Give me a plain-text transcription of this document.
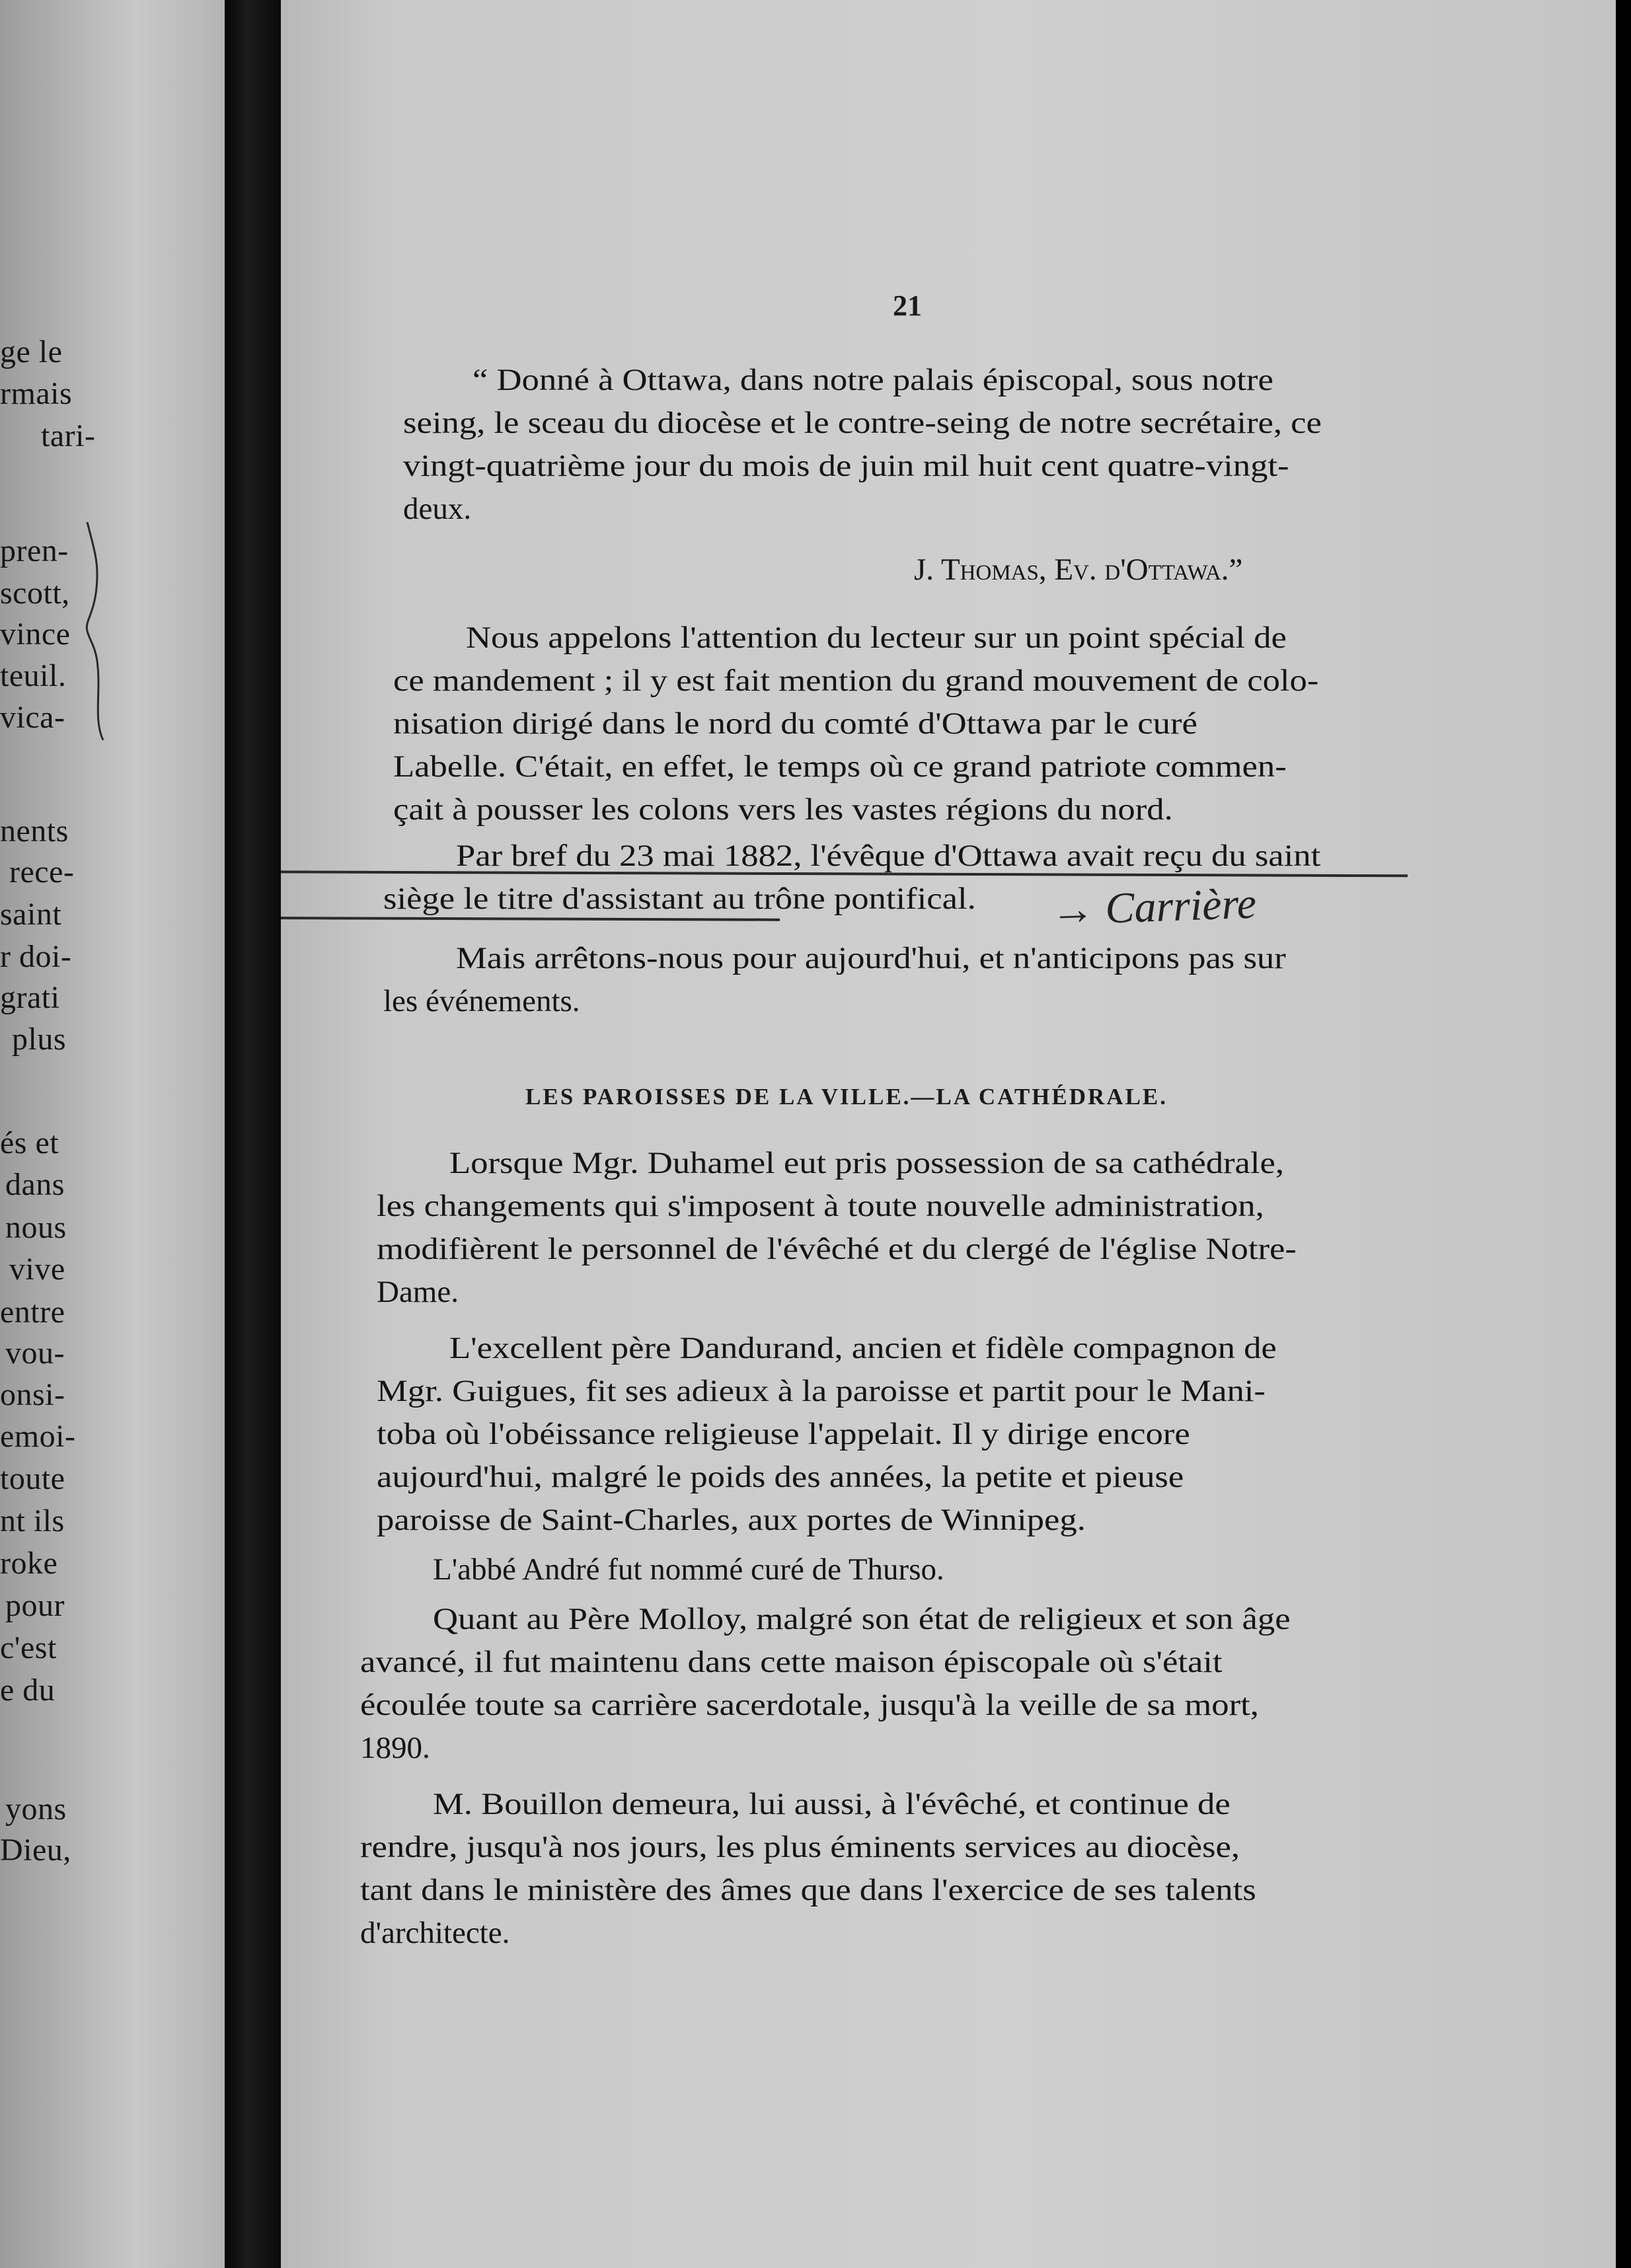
ge le
rmais
tari-
pren-
scott,
vince
teuil.
vica-
nents
rece-
saint
r doi-
grati
plus
és et
dans
nous
vive
entre
vou-
onsi-
emoi-
toute
nt ils
roke
pour
c'est
e du
yons
Dieu,
21
“ Donné à Ottawa, dans notre palais épiscopal, sous notre
seing, le sceau du diocèse et le contre-seing de notre secrétaire, ce
vingt-quatrième jour du mois de juin mil huit cent quatre-vingt-
deux.
J. Thomas, Ev. d'Ottawa.”
Nous appelons l'attention du lecteur sur un point spécial de
ce mandement ; il y est fait mention du grand mouvement de colo-
nisation dirigé dans le nord du comté d'Ottawa par le curé
Labelle. C'était, en effet, le temps où ce grand patriote commen-
çait à pousser les colons vers les vastes régions du nord.
Par bref du 23 mai 1882, l'évêque d'Ottawa avait reçu du saint
siège le titre d'assistant au trône pontifical. → Carrière
Mais arrêtons-nous pour aujourd'hui, et n'anticipons pas sur
les événements.
LES PAROISSES DE LA VILLE.—LA CATHÉDRALE.
Lorsque Mgr. Duhamel eut pris possession de sa cathédrale,
les changements qui s'imposent à toute nouvelle administration,
modifièrent le personnel de l'évêché et du clergé de l'église Notre-
Dame.
L'excellent père Dandurand, ancien et fidèle compagnon de
Mgr. Guigues, fit ses adieux à la paroisse et partit pour le Mani-
toba où l'obéissance religieuse l'appelait. Il y dirige encore
aujourd'hui, malgré le poids des années, la petite et pieuse
paroisse de Saint-Charles, aux portes de Winnipeg.
L'abbé André fut nommé curé de Thurso.
Quant au Père Molloy, malgré son état de religieux et son âge
avancé, il fut maintenu dans cette maison épiscopale où s'était
écoulée toute sa carrière sacerdotale, jusqu'à la veille de sa mort,
1890.
M. Bouillon demeura, lui aussi, à l'évêché, et continue de
rendre, jusqu'à nos jours, les plus éminents services au diocèse,
tant dans le ministère des âmes que dans l'exercice de ses talents
d'architecte.
